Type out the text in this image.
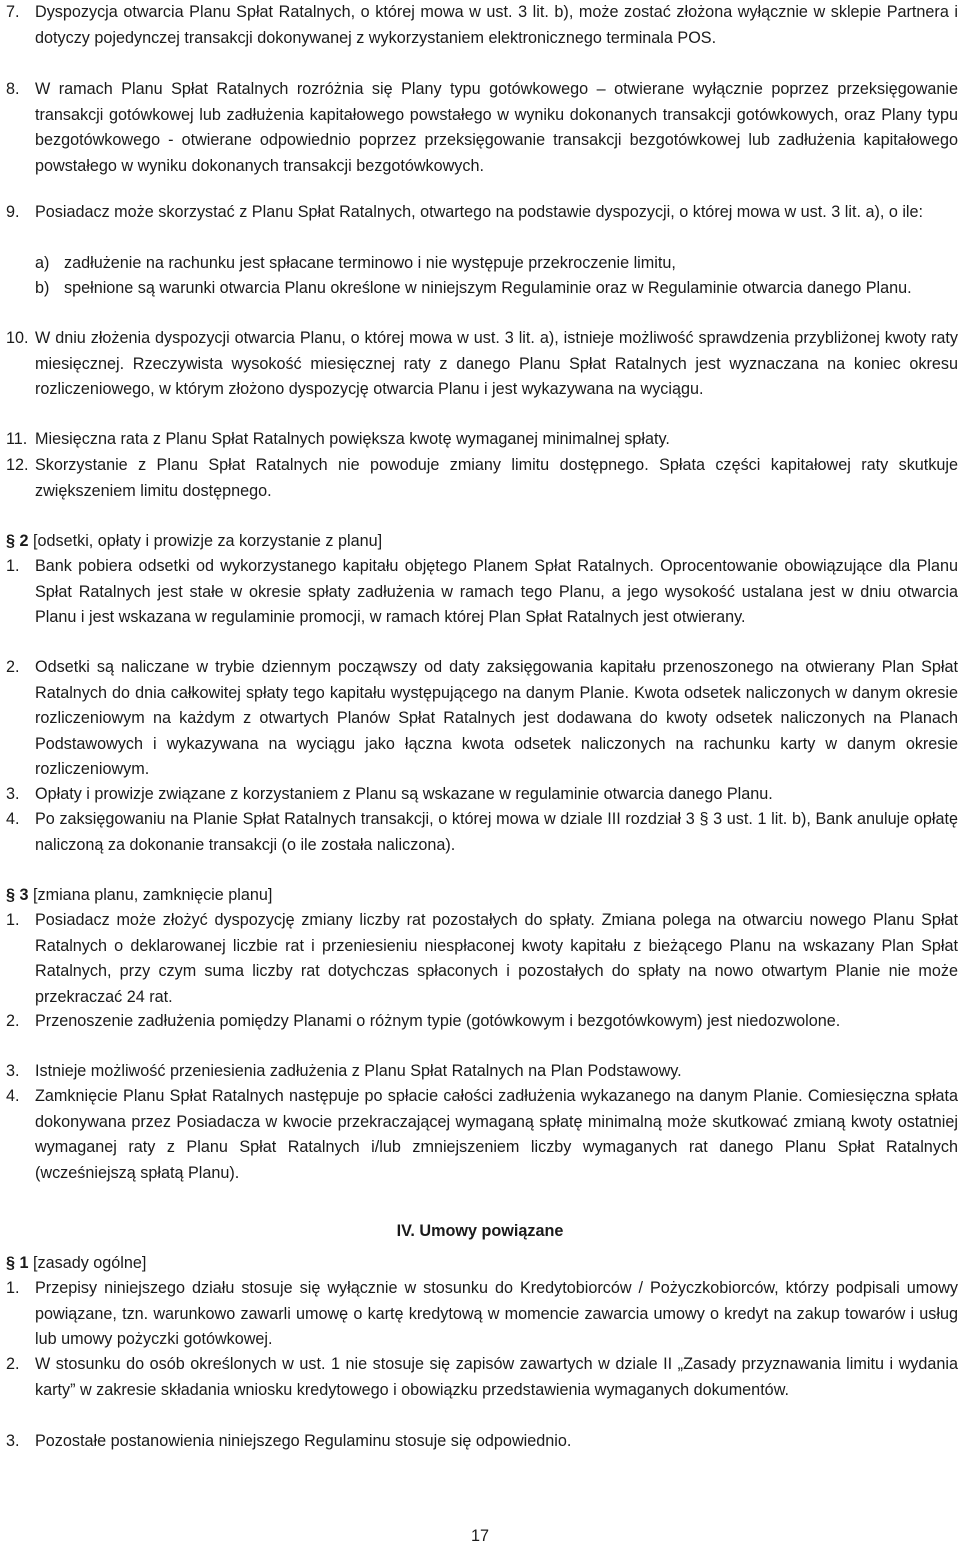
7. Dyspozycja otwarcia Planu Spłat Ratalnych, o której mowa w ust. 3 lit. b), może zostać złożona wyłącznie w sklepie Partnera i dotyczy pojedynczej transakcji dokonywanej z wykorzystaniem elektronicznego terminala POS.
8. W ramach Planu Spłat Ratalnych rozróżnia się Plany typu gotówkowego – otwierane wyłącznie poprzez przeksięgowanie transakcji gotówkowej lub zadłużenia kapitałowego powstałego w wyniku dokonanych transakcji gotówkowych, oraz Plany typu bezgotówkowego - otwierane odpowiednio poprzez przeksięgowanie transakcji bezgotówkowej lub zadłużenia kapitałowego powstałego w wyniku dokonanych transakcji bezgotówkowych.
9. Posiadacz może skorzystać z Planu Spłat Ratalnych, otwartego na podstawie dyspozycji, o której mowa w ust. 3 lit. a), o ile:
a) zadłużenie na rachunku jest spłacane terminowo i nie występuje przekroczenie limitu,
b) spełnione są warunki otwarcia Planu określone w niniejszym Regulaminie oraz w Regulaminie otwarcia danego Planu.
10. W dniu złożenia dyspozycji otwarcia Planu, o której mowa w ust. 3 lit. a), istnieje możliwość sprawdzenia przybliżonej kwoty raty miesięcznej. Rzeczywista wysokość miesięcznej raty z danego Planu Spłat Ratalnych jest wyznaczana na koniec okresu rozliczeniowego, w którym złożono dyspozycję otwarcia Planu i jest wykazywana na wyciągu.
11. Miesięczna rata z Planu Spłat Ratalnych powiększa kwotę wymaganej minimalnej spłaty.
12. Skorzystanie z Planu Spłat Ratalnych nie powoduje zmiany limitu dostępnego. Spłata części kapitałowej raty skutkuje zwiększeniem limitu dostępnego.
§ 2 [odsetki, opłaty i prowizje za korzystanie z planu]
1. Bank pobiera odsetki od wykorzystanego kapitału objętego Planem Spłat Ratalnych. Oprocentowanie obowiązujące dla Planu Spłat Ratalnych jest stałe w okresie spłaty zadłużenia w ramach tego Planu, a jego wysokość ustalana jest w dniu otwarcia Planu i jest wskazana w regulaminie promocji, w ramach której Plan Spłat Ratalnych jest otwierany.
2. Odsetki są naliczane w trybie dziennym począwszy od daty zaksięgowania kapitału przenoszonego na otwierany Plan Spłat Ratalnych do dnia całkowitej spłaty tego kapitału występującego na danym Planie. Kwota odsetek naliczonych w danym okresie rozliczeniowym na każdym z otwartych Planów Spłat Ratalnych jest dodawana do kwoty odsetek naliczonych na Planach Podstawowych i wykazywana na wyciągu jako łączna kwota odsetek naliczonych na rachunku karty w danym okresie rozliczeniowym.
3. Opłaty i prowizje związane z korzystaniem z Planu są wskazane w regulaminie otwarcia danego Planu.
4. Po zaksięgowaniu na Planie Spłat Ratalnych transakcji, o której mowa w dziale III rozdział 3 § 3 ust. 1 lit. b), Bank anuluje opłatę naliczoną za dokonanie transakcji (o ile została naliczona).
§ 3 [zmiana planu, zamknięcie planu]
1. Posiadacz może złożyć dyspozycję zmiany liczby rat pozostałych do spłaty. Zmiana polega na otwarciu nowego Planu Spłat Ratalnych o deklarowanej liczbie rat i przeniesieniu niespłaconej kwoty kapitału z bieżącego Planu na wskazany Plan Spłat Ratalnych, przy czym suma liczby rat dotychczas spłaconych i pozostałych do spłaty na nowo otwartym Planie nie może przekraczać 24 rat.
2. Przenoszenie zadłużenia pomiędzy Planami o różnym typie (gotówkowym i bezgotówkowym) jest niedozwolone.
3. Istnieje możliwość przeniesienia zadłużenia z Planu Spłat Ratalnych na Plan Podstawowy.
4. Zamknięcie Planu Spłat Ratalnych następuje po spłacie całości zadłużenia wykazanego na danym Planie. Comiesięczna spłata dokonywana przez Posiadacza w kwocie przekraczającej wymaganą spłatę minimalną może skutkować zmianą kwoty ostatniej wymaganej raty z Planu Spłat Ratalnych i/lub zmniejszeniem liczby wymaganych rat danego Planu Spłat Ratalnych (wcześniejszą spłatą Planu).
IV. Umowy powiązane
§ 1 [zasady ogólne]
1. Przepisy niniejszego działu stosuje się wyłącznie w stosunku do Kredytobiorców / Pożyczkobiorców, którzy podpisali umowy powiązane, tzn. warunkowo zawarli umowę o kartę kredytową w momencie zawarcia umowy o kredyt na zakup towarów i usług lub umowy pożyczki gotówkowej.
2. W stosunku do osób określonych w ust. 1 nie stosuje się zapisów zawartych w dziale II „Zasady przyznawania limitu i wydania karty” w zakresie składania wniosku kredytowego i obowiązku przedstawienia wymaganych dokumentów.
3. Pozostałe postanowienia niniejszego Regulaminu stosuje się odpowiednio.
17
